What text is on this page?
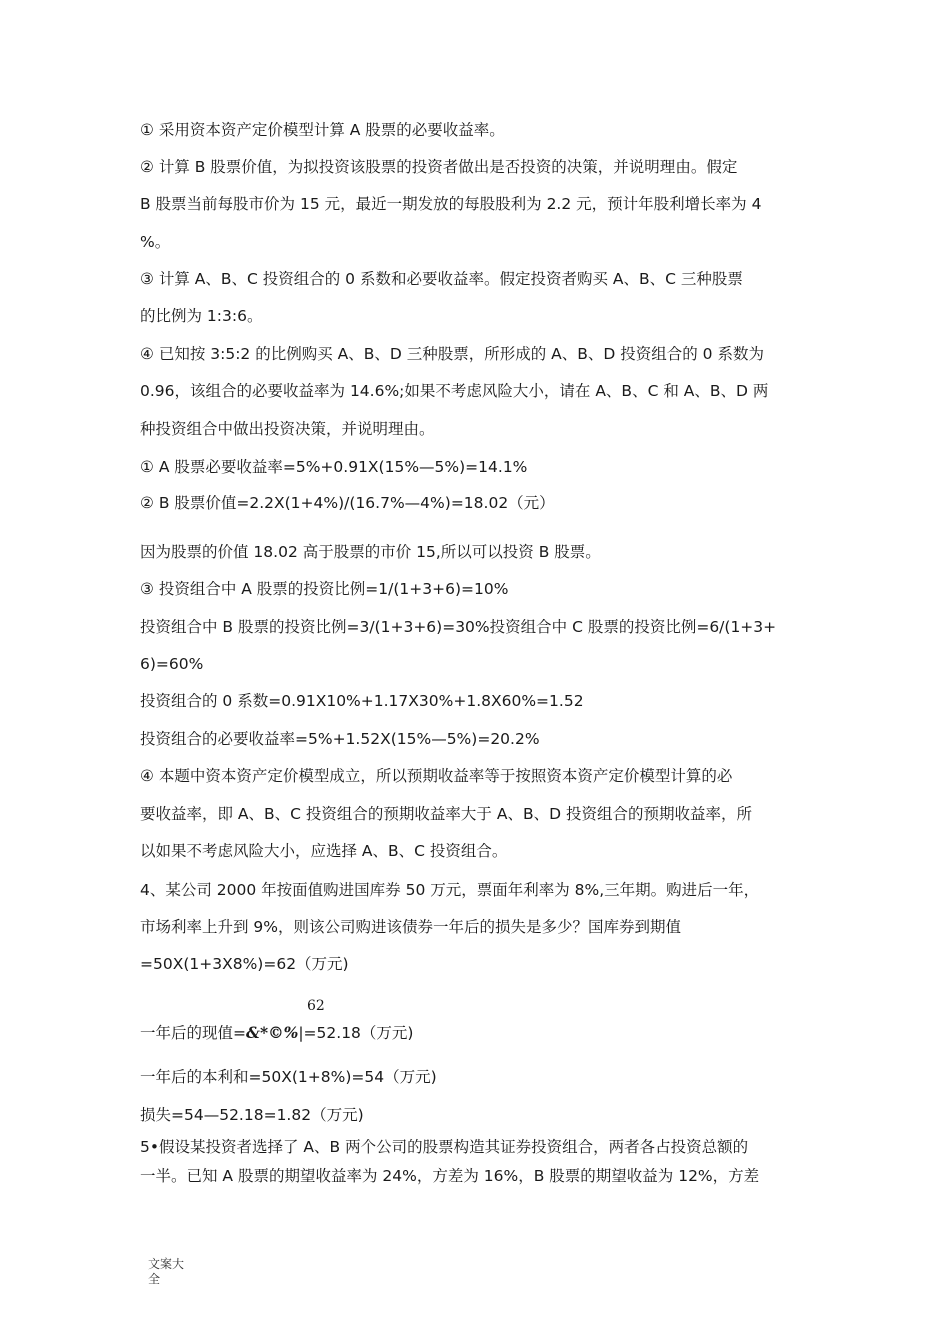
① 采用资本资产定价模型计算 A 股票的必要收益率。
② 计算 B 股票价值，为拟投资该股票的投资者做出是否投资的决策，并说明理由。假定
B 股票当前每股市价为 15 元，最近一期发放的每股股利为 2.2 元，预计年股利增长率为 4
%。
③ 计算 A、B、C 投资组合的 0 系数和必要收益率。假定投资者购买 A、B、C 三种股票
的比例为 1:3:6。
④ 已知按 3:5:2 的比例购买 A、B、D 三种股票，所形成的 A、B、D 投资组合的 0 系数为
0.96，该组合的必要收益率为 14.6%;如果不考虑风险大小，请在 A、B、C 和 A、B、D 两
种投资组合中做出投资决策，并说明理由。
① A 股票必要收益率=5%+0.91X(15%—5%)=14.1%
② B 股票价值=2.2X(1+4%)/(16.7%—4%)=18.02（元）
因为股票的价值 18.02 高于股票的市价 15,所以可以投资 B 股票。
③ 投资组合中 A 股票的投资比例=1/(1+3+6)=10%
投资组合中 B 股票的投资比例=3/(1+3+6)=30%投资组合中 C 股票的投资比例=6/(1+3+
6)=60%
投资组合的 0 系数=0.91X10%+1.17X30%+1.8X60%=1.52
投资组合的必要收益率=5%+1.52X(15%—5%)=20.2%
④ 本题中资本资产定价模型成立，所以预期收益率等于按照资本资产定价模型计算的必
要收益率，即 A、B、C 投资组合的预期收益率大于 A、B、D 投资组合的预期收益率，所
以如果不考虑风险大小，应选择 A、B、C 投资组合。
4、某公司 2000 年按面值购进国库券 50 万元，票面年利率为 8%,三年期。购进后一年，
市场利率上升到 9%，则该公司购进该债券一年后的损失是多少？国库券到期值
=50X(1+3X8%)=62（万元)
62
一年后的现值=&*©%|=52.18（万元)
一年后的本利和=50X(1+8%)=54（万元)
损失=54—52.18=1.82（万元)
5•假设某投资者选择了 A、B 两个公司的股票构造其证券投资组合，两者各占投资总额的
一半。已知 A 股票的期望收益率为 24%，方差为 16%，B 股票的期望收益为 12%，方差
文案大
全
